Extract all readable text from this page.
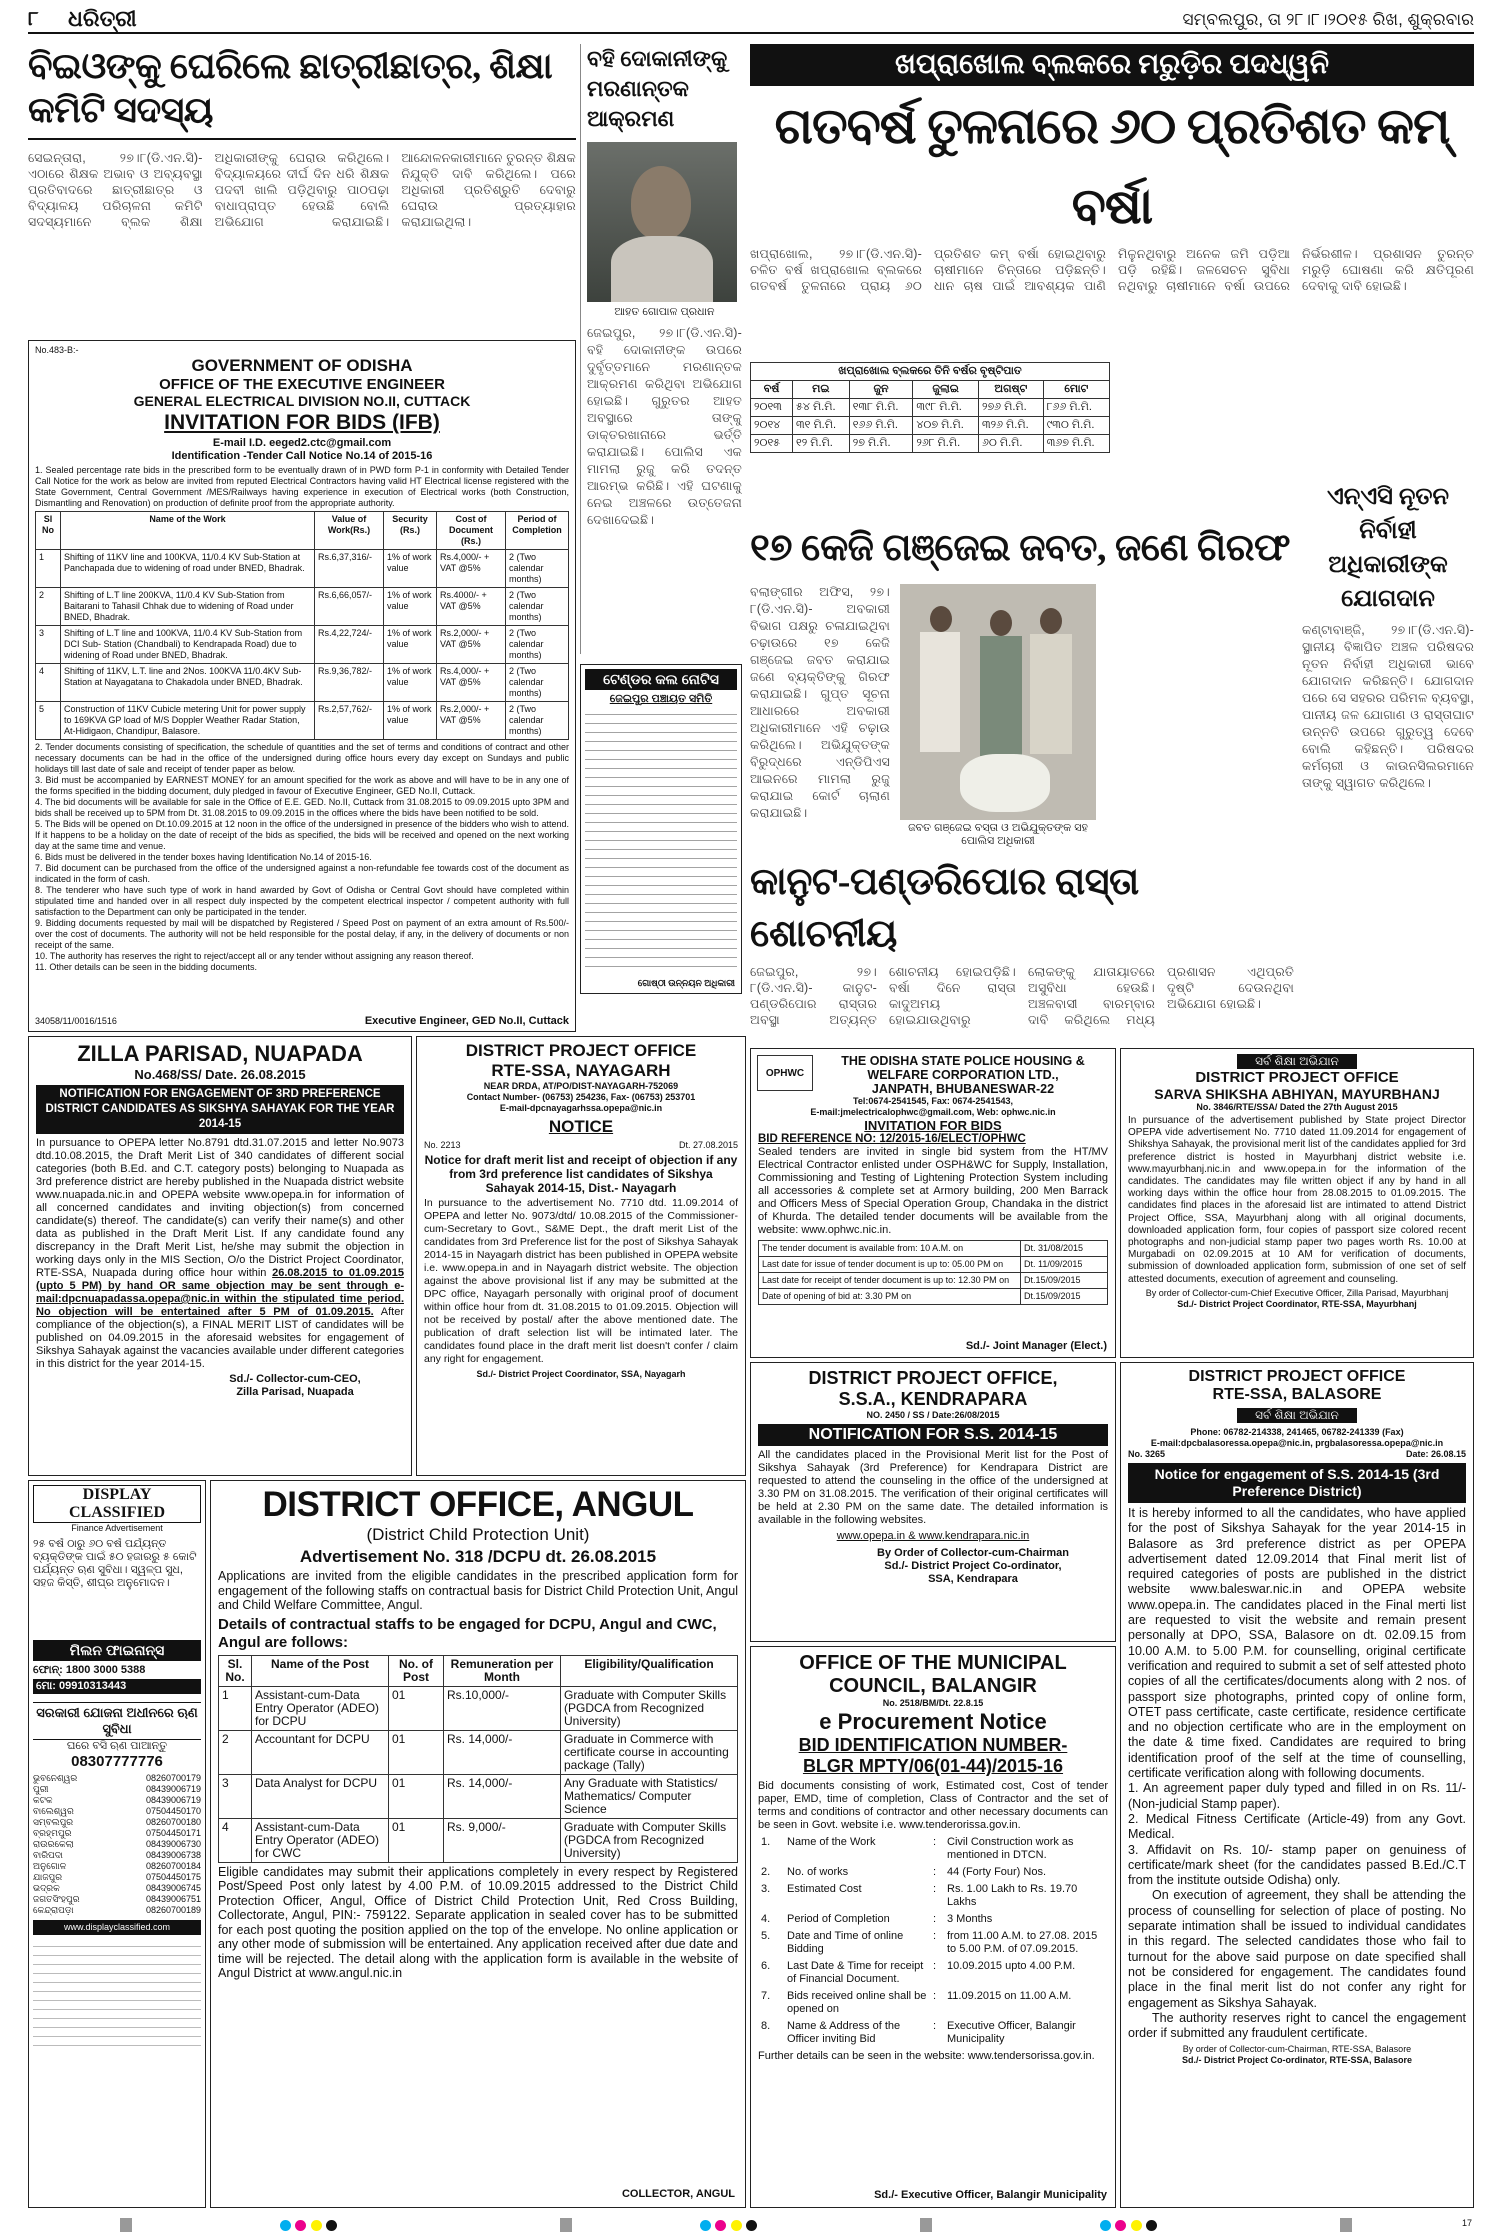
୮ ଧରିତ୍ରୀ	ସମ୍ବଲପୁର, ତା ୨୮।୮।୨୦୧୫ ରିଖ, ଶୁକ୍ରବାର
ବିଇଓଙ୍କୁ ଘେରିଲେ ଛାତ୍ରୀଛାତ୍ର, ଶିକ୍ଷା କମିଟି ସଦସ୍ୟ
ସେଇନ୍ତାରା, ୨୭।୮(ଡି.ଏନ.ସି)- ଏଠାରେ ଶିକ୍ଷକ ଅଭାବ ଓ ଅବ୍ୟବସ୍ଥା ପ୍ରତିବାଦରେ ଛାତ୍ରୀଛାତ୍ର ଓ ବିଦ୍ୟାଳୟ ପରିଚାଳନା କମିଟି ସଦସ୍ୟମାନେ ବ୍ଲକ ଶିକ୍ଷା ଅଧିକାରୀଙ୍କୁ ଘେରାଉ କରିଥିଲେ। ବିଦ୍ୟାଳୟରେ ଦୀର୍ଘ ଦିନ ଧରି ଶିକ୍ଷକ ପଦବୀ ଖାଲି ପଡ଼ିଥିବାରୁ ପାଠପଢ଼ା ବାଧାପ୍ରାପ୍ତ ହେଉଛି ବୋଲି ଅଭିଯୋଗ କରାଯାଇଛି। ଆନ୍ଦୋଳନକାରୀମାନେ ତୁରନ୍ତ ଶିକ୍ଷକ ନିଯୁକ୍ତି ଦାବି କରିଥିଲେ। ପରେ ଅଧିକାରୀ ପ୍ରତିଶ୍ରୁତି ଦେବାରୁ ଘେରାଉ ପ୍ରତ୍ୟାହାର କରାଯାଇଥିଲା।
ବହି ଦୋକାନୀଙ୍କୁ ମରଣାନ୍ତକ ଆକ୍ରମଣ
ଆହତ ଗୋପାଳ ପ୍ରଧାନ
ଜେଇପୁର, ୨୭।୮(ଡି.ଏନ.ସି)- ବହି ଦୋକାନୀଙ୍କ ଉପରେ ଦୁର୍ବୃତ୍ତମାନେ ମରଣାନ୍ତକ ଆକ୍ରମଣ କରିଥିବା ଅଭିଯୋଗ ହୋଇଛି। ଗୁରୁତର ଆହତ ଅବସ୍ଥାରେ ତାଙ୍କୁ ଡାକ୍ତରଖାନାରେ ଭର୍ତ୍ତି କରାଯାଇଛି। ପୋଲିସ ଏକ ମାମଲା ରୁଜୁ କରି ତଦନ୍ତ ଆରମ୍ଭ କରିଛି। ଏହି ଘଟଣାକୁ ନେଇ ଅଞ୍ଚଳରେ ଉତ୍ତେଜନା ଦେଖାଦେଇଛି।
ଖପ୍ରାଖୋଲ ବ୍ଲକରେ ମରୁଡ଼ିର ପଦଧ୍ୱନି
ଗତବର୍ଷ ତୁଳନାରେ ୬୦ ପ୍ରତିଶତ କମ୍ ବର୍ଷା
ଖପ୍ରାଖୋଲ, ୨୭।୮(ଡି.ଏନ.ସି)- ଚଳିତ ବର୍ଷ ଖପ୍ରାଖୋଲ ବ୍ଲକରେ ଗତବର୍ଷ ତୁଳନାରେ ପ୍ରାୟ ୬୦ ପ୍ରତିଶତ କମ୍ ବର୍ଷା ହୋଇଥିବାରୁ ଚାଷୀମାନେ ଚିନ୍ତାରେ ପଡ଼ିଛନ୍ତି। ଧାନ ଚାଷ ପାଇଁ ଆବଶ୍ୟକ ପାଣି ମିଳୁନଥିବାରୁ ଅନେକ ଜମି ପଡ଼ିଆ ପଡ଼ି ରହିଛି। ଜଳସେଚନ ସୁବିଧା ନଥିବାରୁ ଚାଷୀମାନେ ବର୍ଷା ଉପରେ ନିର୍ଭରଶୀଳ। ପ୍ରଶାସନ ତୁରନ୍ତ ମରୁଡ଼ି ଘୋଷଣା କରି କ୍ଷତିପୂରଣ ଦେବାକୁ ଦାବି ହୋଇଛି।
ଖପ୍ରାଖୋଲ ବ୍ଲକରେ ତିନି ବର୍ଷର ବୃଷ୍ଟିପାତ
ବର୍ଷ	ମଇ	ଜୁନ	ଜୁଲାଇ	ଅଗଷ୍ଟ	ମୋଟ
୨୦୧୩	୫୪ ମି.ମି.	୧୩୮ ମି.ମି.	୩୯୮ ମି.ମି.	୨୭୬ ମି.ମି.	୮୬୬ ମି.ମି.
୨୦୧୪	୩୧ ମି.ମି.	୧୬୬ ମି.ମି.	୪୦୭ ମି.ମି.	୩୨୬ ମି.ମି.	୯୩୦ ମି.ମି.
୨୦୧୫	୧୨ ମି.ମି.	୨୭ ମି.ମି.	୨୬୮ ମି.ମି.	୬୦ ମି.ମି.	୩୬୭ ମି.ମି.
ଏନ୍‌ଏସି ନୂତନ ନିର୍ବାହୀ ଅଧିକାରୀଙ୍କ ଯୋଗଦାନ
କଣ୍ଟାବାଞ୍ଜି, ୨୭।୮(ଡି.ଏନ.ସି)- ସ୍ଥାନୀୟ ବିଜ୍ଞାପିତ ଅଞ୍ଚଳ ପରିଷଦର ନୂତନ ନିର୍ବାହୀ ଅଧିକାରୀ ଭାବେ ଯୋଗଦାନ କରିଛନ୍ତି। ଯୋଗଦାନ ପରେ ସେ ସହରର ପରିମଳ ବ୍ୟବସ୍ଥା, ପାନୀୟ ଜଳ ଯୋଗାଣ ଓ ରାସ୍ତାଘାଟ ଉନ୍ନତି ଉପରେ ଗୁରୁତ୍ୱ ଦେବେ ବୋଲି କହିଛନ୍ତି। ପରିଷଦର କର୍ମଚାରୀ ଓ କାଉନସିଲରମାନେ ତାଙ୍କୁ ସ୍ୱାଗତ କରିଥିଲେ।
୧୭ କେଜି ଗଞ୍ଜେଇ ଜବତ, ଜଣେ ଗିରଫ
ବଲାଙ୍ଗୀର ଅଫିସ, ୨୭।୮(ଡି.ଏନ.ସି)- ଅବକାରୀ ବିଭାଗ ପକ୍ଷରୁ ଚଳାଯାଇଥିବା ଚଢ଼ାଉରେ ୧୭ କେଜି ଗଞ୍ଜେଇ ଜବତ କରାଯାଇ ଜଣେ ବ୍ୟକ୍ତିଙ୍କୁ ଗିରଫ କରାଯାଇଛି। ଗୁପ୍ତ ସୂଚନା ଆଧାରରେ ଅବକାରୀ ଅଧିକାରୀମାନେ ଏହି ଚଢ଼ାଉ କରିଥିଲେ। ଅଭିଯୁକ୍ତଙ୍କ ବିରୁଦ୍ଧରେ ଏନ୍‌ଡିପିଏସ ଆଇନରେ ମାମଲା ରୁଜୁ କରାଯାଇ କୋର୍ଟ ଚାଲାଣ କରାଯାଇଛି।
ଜବତ ଗଞ୍ଜେଇ ବସ୍ତା ଓ ଅଭିଯୁକ୍ତଙ୍କ ସହ ପୋଲିସ ଅଧିକାରୀ
କାନୁଟ-ପଣ୍ଡରିପୋର ରାସ୍ତା ଶୋଚନୀୟ
ଜେଇପୁର, ୨୭।୮(ଡି.ଏନ.ସି)- କାନୁଟ-ପଣ୍ଡରିପୋର ରାସ୍ତାର ଅବସ୍ଥା ଅତ୍ୟନ୍ତ ଶୋଚନୀୟ ହୋଇପଡ଼ିଛି। ବର୍ଷା ଦିନେ ରାସ୍ତା କାଦୁଅମୟ ହୋଇଯାଉଥିବାରୁ ଲୋକଙ୍କୁ ଯାତାୟାତରେ ଅସୁବିଧା ହେଉଛି। ଅଞ୍ଚଳବାସୀ ବାରମ୍ବାର ଦାବି କରିଥିଲେ ମଧ୍ୟ ପ୍ରଶାସନ ଏଥିପ୍ରତି ଦୃଷ୍ଟି ଦେଉନଥିବା ଅଭିଯୋଗ ହୋଇଛି।
No.483-B:-
GOVERNMENT OF ODISHA
OFFICE OF THE EXECUTIVE ENGINEER
GENERAL ELECTRICAL DIVISION NO.II, CUTTACK
INVITATION FOR BIDS (IFB)
E-mail I.D. eeged2.ctc@gmail.com
Identification -Tender Call Notice No.14 of 2015-16
1. Sealed percentage rate bids in the prescribed form to be eventually drawn of in PWD form P-1 in conformity with Detailed Tender Call Notice for the work as below are invited from reputed Electrical Contractors having valid HT Electrical license registered with the State Government, Central Government /MES/Railways having experience in execution of Electrical works (both Construction, Dismantling and Renovation) on production of definite proof from the appropriate authority.
Sl No	Name of the Work	Value of Work(Rs.)	Security (Rs.)	Cost of Document (Rs.)	Period of Completion
1	Shifting of 11KV line and 100KVA, 11/0.4 KV Sub-Station at Panchapada due to widening of road under BNED, Bhadrak.	Rs.6,37,316/-	1% of work value	Rs.4,000/- + VAT @5%	2 (Two calendar months)
2	Shifting of L.T line 200KVA, 11/0.4 KV Sub-Station from Baitarani to Tahasil Chhak due to widening of Road under BNED, Bhadrak.	Rs.6,66,057/-	1% of work value	Rs.4000/- + VAT @5%	2 (Two calendar months)
3	Shifting of L.T line and 100KVA, 11/0.4 KV Sub-Station from DCI Sub- Station (Chandbali) to Kendrapada Road) due to widening of Road under BNED, Bhadrak.	Rs.4,22,724/-	1% of work value	Rs.2,000/- + VAT @5%	2 (Two calendar months)
4	Shifting of 11KV, L.T. line and 2Nos. 100KVA 11/0.4KV Sub-Station at Nayagatana to Chakadola under BNED, Bhadrak.	Rs.9,36,782/-	1% of work value	Rs.4,000/- + VAT @5%	2 (Two calendar months)
5	Construction of 11KV Cubicle metering Unit for power supply to 169KVA GP load of M/S Doppler Weather Radar Station, At-Hidigaon, Chandipur, Balasore.	Rs.2,57,762/-	1% of work value	Rs.2,000/- + VAT @5%	2 (Two calendar months)
2. Tender documents consisting of specification, the schedule of quantities and the set of terms and conditions of contract and other necessary documents can be had in the office of the undersigned during office hours every day except on Sundays and public holidays till last date of sale and receipt of tender paper as below.
3. Bid must be accompanied by EARNEST MONEY for an amount specified for the work as above and will have to be in any one of the forms specified in the bidding document, duly pledged in favour of Executive Engineer, GED No.II, Cuttack.
4. The bid documents will be available for sale in the Office of E.E. GED. No.II, Cuttack from 31.08.2015 to 09.09.2015 upto 3PM and bids shall be received up to 5PM from Dt. 31.08.2015 to 09.09.2015 in the offices where the bids have been notified to be sold.
5. The Bids will be opened on Dt.10.09.2015 at 12 noon in the office of the undersigned in presence of the bidders who wish to attend. If it happens to be a holiday on the date of receipt of the bids as specified, the bids will be received and opened on the next working day at the same time and venue.
6. Bids must be delivered in the tender boxes having Identification No.14 of 2015-16.
7. Bid document can be purchased from the office of the undersigned against a non-refundable fee towards cost of the document as indicated in the form of cash.
8. The tenderer who have such type of work in hand awarded by Govt of Odisha or Central Govt should have completed within stipulated time and handed over in all respect duly inspected by the competent electrical inspector / competent authority with full satisfaction to the Department can only be participated in the tender.
9. Bidding documents requested by mail will be dispatched by Registered / Speed Post on payment of an extra amount of Rs.500/- over the cost of documents. The authority will not be held responsible for the postal delay, if any, in the delivery of documents or non receipt of the same.
10. The authority has reserves the right to reject/accept all or any tender without assigning any reason thereof.
11. Other details can be seen in the bidding documents.
34058/11/0016/1516	Executive Engineer, GED No.II, Cuttack
ଟେଣ୍ଡର କଲ ନୋଟିସ
ଜେଇପୁର ପଞ୍ଚାୟତ ସମିତି
ଗୋଷ୍ଠୀ ଉନ୍ନୟନ ଅଧିକାରୀ
OPHWC
THE ODISHA STATE POLICE HOUSING & WELFARE CORPORATION LTD.,
JANPATH, BHUBANESWAR-22
Tel:0674-2541545, Fax: 0674-2541543,
E-mail:jmelectricalophwc@gmail.com, Web: ophwc.nic.in
INVITATION FOR BIDS
BID REFERENCE NO: 12/2015-16/ELECT/OPHWC
Sealed tenders are invited in single bid system from the HT/MV Electrical Contractor enlisted under OSPH&WC for Supply, Installation, Commissioning and Testing of Lightening Protection System including all accessories & complete set at Armory building, 200 Men Barrack and Officers Mess of Special Operation Group, Chandaka in the district of Khurda. The detailed tender documents will be available from the website: www.ophwc.nic.in.
The tender document is available from: 10 A.M. on	Dt. 31/08/2015
Last date for issue of tender document is up to: 05.00 PM on	Dt. 11/09/2015
Last date for receipt of tender document is up to: 12.30 PM on	Dt.15/09/2015
Date of opening of bid at: 3.30 PM on	Dt.15/09/2015
Sd./- Joint Manager (Elect.)
ସର୍ବ ଶିକ୍ଷା ଅଭିଯାନ
DISTRICT PROJECT OFFICE
SARVA SHIKSHA ABHIYAN, MAYURBHANJ
No. 3846/RTE/SSA/ Dated the 27th August 2015
In pursuance of the advertisement published by State project Director OPEPA vide advertisement No. 7710 dated 11.09.2014 for engagement of Shikshya Sahayak, the provisional merit list of the candidates applied for 3rd preference district is hosted in Mayurbhanj district website i.e. www.mayurbhanj.nic.in and www.opepa.in for the information of the candidates. The candidates may file written object if any by hand in all working days within the office hour from 28.08.2015 to 01.09.2015. The candidates find places in the aforesaid list are intimated to attend District Project Office, SSA, Mayurbhanj along with all original documents, downloaded application form, four copies of passport size colored recent photographs and non-judicial stamp paper two pages worth Rs. 10.00 at Murgabadi on 02.09.2015 at 10 AM for verification of documents, submission of downloaded application form, submission of one set of self attested documents, execution of agreement and counseling.
By order of Collector-cum-Chief Executive Officer, Zilla Parisad, Mayurbhanj
Sd./- District Project Coordinator, RTE-SSA, Mayurbhanj
ZILLA PARISAD, NUAPADA
No.468/SS/ Date. 26.08.2015
NOTIFICATION FOR ENGAGEMENT OF 3RD PREFERENCE DISTRICT CANDIDATES AS SIKSHYA SAHAYAK FOR THE YEAR 2014-15
In pursuance to OPEPA letter No.8791 dtd.31.07.2015 and letter No.9073 dtd.10.08.2015, the Draft Merit List of 340 candidates of different social categories (both B.Ed. and C.T. category posts) belonging to Nuapada as 3rd preference district are hereby published in the Nuapada district website www.nuapada.nic.in and OPEPA website www.opepa.in for information of all concerned candidates and inviting objection(s) from concerned candidate(s) thereof. The candidate(s) can verify their name(s) and other data as published in the Draft Merit List. If any candidate found any discrepancy in the Draft Merit List, he/she may submit the objection in working days only in the MIS Section, O/o the District Project Coordinator, RTE-SSA, Nuapada during office hour within 26.08.2015 to 01.09.2015 (upto 5 PM) by hand OR same objection may be sent through e-mail:dpcnuapadassa.opepa@nic.in within the stipulated time period. No objection will be entertained after 5 PM of 01.09.2015. After compliance of the objection(s), a FINAL MERIT LIST of candidates will be published on 04.09.2015 in the aforesaid websites for engagement of Sikshya Sahayak against the vacancies available under different categories in this district for the year 2014-15.
Sd./- Collector-cum-CEO,
Zilla Parisad, Nuapada
DISTRICT PROJECT OFFICE
RTE-SSA, NAYAGARH
NEAR DRDA, AT/PO/DIST-NAYAGARH-752069
Contact Number- (06753) 254236, Fax- (06753) 253701
E-mail-dpcnayagarhssa.opepa@nic.in
NOTICE
No. 2213	Dt. 27.08.2015
Notice for draft merit list and receipt of objection if any from 3rd preference list candidates of Sikshya Sahayak 2014-15, Dist.- Nayagarh
In pursuance to the advertisement No. 7710 dtd. 11.09.2014 of OPEPA and letter No. 9073/dtd/ 10.08.2015 of the Commissioner-cum-Secretary to Govt., S&ME Dept., the draft merit List of the candidates from 3rd Preference list for the post of Sikshya Sahayak 2014-15 in Nayagarh district has been published in OPEPA website i.e. www.opepa.in and in Nayagarh district website. The objection against the above provisional list if any may be submitted at the DPC office, Nayagarh personally with original proof of document within office hour from dt. 31.08.2015 to 01.09.2015. Objection will not be received by postal/ after the above mentioned date. The publication of draft selection list will be intimated later. The candidates found place in the draft merit list doesn't confer / claim any right for engagement.
Sd./- District Project Coordinator, SSA, Nayagarh	DISTRICT PROJECT OFFICE,
S.S.A., KENDRAPARA
NO. 2450 / SS / Date:26/08/2015
NOTIFICATION FOR S.S. 2014-15
All the candidates placed in the Provisional Merit list for the Post of Sikshya Sahayak (3rd Preference) for Kendrapara District are requested to attend the counseling in the office of the undersigned at 3.30 PM on 31.08.2015. The verification of their original certificates will be held at 2.30 PM on the same date. The detailed information is available in the following websites.
www.opepa.in & www.kendrapara.nic.in
By Order of Collector-cum-Chairman
Sd./- District Project Co-ordinator,
SSA, Kendrapara
DISTRICT PROJECT OFFICE
RTE-SSA, BALASORE
ସର୍ବ ଶିକ୍ଷା ଅଭିଯାନ
Phone: 06782-214338, 241465, 06782-241339 (Fax)
E-mail:dpcbalasoressa.opepa@nic.in, prgbalasoressa.opepa@nic.in
No. 3265	Date: 26.08.15
Notice for engagement of S.S. 2014-15 (3rd Preference District)
It is hereby informed to all the candidates, who have applied for the post of Sikshya Sahayak for the year 2014-15 in Balasore as 3rd preference district as per OPEPA advertisement dated 12.09.2014 that Final merit list of required categories of posts are published in the district website www.baleswar.nic.in and OPEPA website www.opepa.in. The candidates placed in the Final merti list are requested to visit the website and remain present personally at DPO, SSA, Balasore on dt. 02.09.15 from 10.00 A.M. to 5.00 P.M. for counselling, original certificate verification and required to submit a set of self attested photo copies of all the certificates/documents along with 2 nos. of passport size photographs, printed copy of online form, OTET pass certificate, caste certificate, residence certificate and no objection certificate who are in the employment on the date & time fixed. Candidates are required to bring identification proof of the self at the time of counselling, certificate verification along with following documents.
1. An agreement paper duly typed and filled in on Rs. 11/- (Non-judicial Stamp paper).
2. Medical Fitness Certificate (Article-49) from any Govt. Medical.
3. Affidavit on Rs. 10/- stamp paper on genuiness of certificate/mark sheet (for the candidates passed B.Ed./C.T from the institute outside Odisha) only.
On execution of agreement, they shall be attending the process of counselling for selection of place of posting. No separate intimation shall be issued to individual candidates in this regard. The selected candidates those who fail to turnout for the above said purpose on date specified shall not be considered for engagement. The candidates found place in the final merit list do not confer any right for engagement as Sikshya Sahayak.
The authority reserves right to cancel the engagement order if submitted any fraudulent certificate.
By order of Collector-cum-Chairman, RTE-SSA, Balasore
Sd./- District Project Co-ordinator, RTE-SSA, Balasore
DISPLAY CLASSIFIED
Finance Advertisement
୨୫ ବର୍ଷ ଠାରୁ ୬୦ ବର୍ଷ ପର୍ଯ୍ୟନ୍ତ ବ୍ୟକ୍ତିଙ୍କ ପାଇଁ ୫୦ ହଜାରରୁ ୫ କୋଟି ପର୍ଯ୍ୟନ୍ତ ଋଣ ସୁବିଧା। ସ୍ୱଳ୍ପ ସୁଧ, ସହଜ କିସ୍ତି, ଶୀଘ୍ର ଅନୁମୋଦନ।
ମିଲନ ଫାଇନାନ୍ସ
ଫୋନ୍: 1800 3000 5388
ମୋ: 09910313443
ସରକାରୀ ଯୋଜନା ଅଧୀନରେ ଋଣ ସୁବିଧା
ଘରେ ବସି ଋଣ ପାଆନ୍ତୁ
08307777776
ଭୁବନେଶ୍ୱର	08260700179
ପୁରୀ	08439006719
କଟକ	08439006719
ବାଲେଶ୍ୱର	07504450170
ସମ୍ବଲପୁର	08260700180
ବ୍ରହ୍ମପୁର	07504450171
ରାଉରକେଲା	08439006730
ବାରିପଦା	08439006738
ଅନୁଗୋଳ	08260700184
ଯାଜପୁର	07504450175
ଭଦ୍ରକ	08439006745
ଜଗତସିଂହପୁର	08439006751
କେନ୍ଦ୍ରାପଡ଼ା	08260700189
www.displayclassified.com
DISTRICT OFFICE, ANGUL
(District Child Protection Unit)
Advertisement No. 318 /DCPU dt. 26.08.2015
Applications are invited from the eligible candidates in the prescribed application form for engagement of the following staffs on contractual basis for District Child Protection Unit, Angul and Child Welfare Committee, Angul.
Details of contractual staffs to be engaged for DCPU, Angul and CWC, Angul are follows:
Sl. No.	Name of the Post	No. of Post	Remuneration per Month	Eligibility/Qualification
1	Assistant-cum-Data Entry Operator (ADEO) for DCPU	01	Rs.10,000/-	Graduate with Computer Skills (PGDCA from Recognized University)
2	Accountant for DCPU	01	Rs. 14,000/-	Graduate in Commerce with certificate course in accounting package (Tally)
3	Data Analyst for DCPU	01	Rs. 14,000/-	Any Graduate with Statistics/ Mathematics/ Computer Science
4	Assistant-cum-Data Entry Operator (ADEO) for CWC	01	Rs. 9,000/-	Graduate with Computer Skills (PGDCA from Recognized University)
Eligible candidates may submit their applications completely in every respect by Registered Post/Speed Post only latest by 4.00 P.M. of 10.09.2015 addressed to the District Child Protection Officer, Angul, Office of District Child Protection Unit, Red Cross Building, Collectorate, Angul, PIN:- 759122. Separate application in sealed cover has to be submitted for each post quoting the position applied on the top of the envelope. No online application or any other mode of submission will be entertained. Any application received after due date and time will be rejected. The detail along with the application form is available in the website of Angul District at www.angul.nic.in
COLLECTOR, ANGUL
OFFICE OF THE MUNICIPAL
COUNCIL, BALANGIR
No. 2518/BM/Dt. 22.8.15
e Procurement Notice
BID IDENTIFICATION NUMBER-
BLGR MPTY/06(01-44)/2015-16
Bid documents consisting of work, Estimated cost, Cost of tender paper, EMD, time of completion, Class of Contractor and the set of terms and conditions of contractor and other necessary documents can be seen in Govt. website i.e. www.tenderorissa.gov.in.
1.	Name of the Work	:	Civil Construction work as mentioned in DTCN.
2.	No. of works	:	44 (Forty Four) Nos.
3.	Estimated Cost	:	Rs. 1.00 Lakh to Rs. 19.70 Lakhs
4.	Period of Completion	:	3 Months
5.	Date and Time of online Bidding	:	from 11.00 A.M. to 27.08. 2015 to 5.00 P.M. of 07.09.2015.
6.	Last Date & Time for receipt of Financial Document.	:	10.09.2015 upto 4.00 P.M.
7.	Bids received online shall be opened on	:	11.09.2015 on 11.00 A.M.
8.	Name & Address of the Officer inviting Bid	:	Executive Officer, Balangir Municipality
Further details can be seen in the website: www.tendersorissa.gov.in.
Sd./- Executive Officer, Balangir Municipality

17
